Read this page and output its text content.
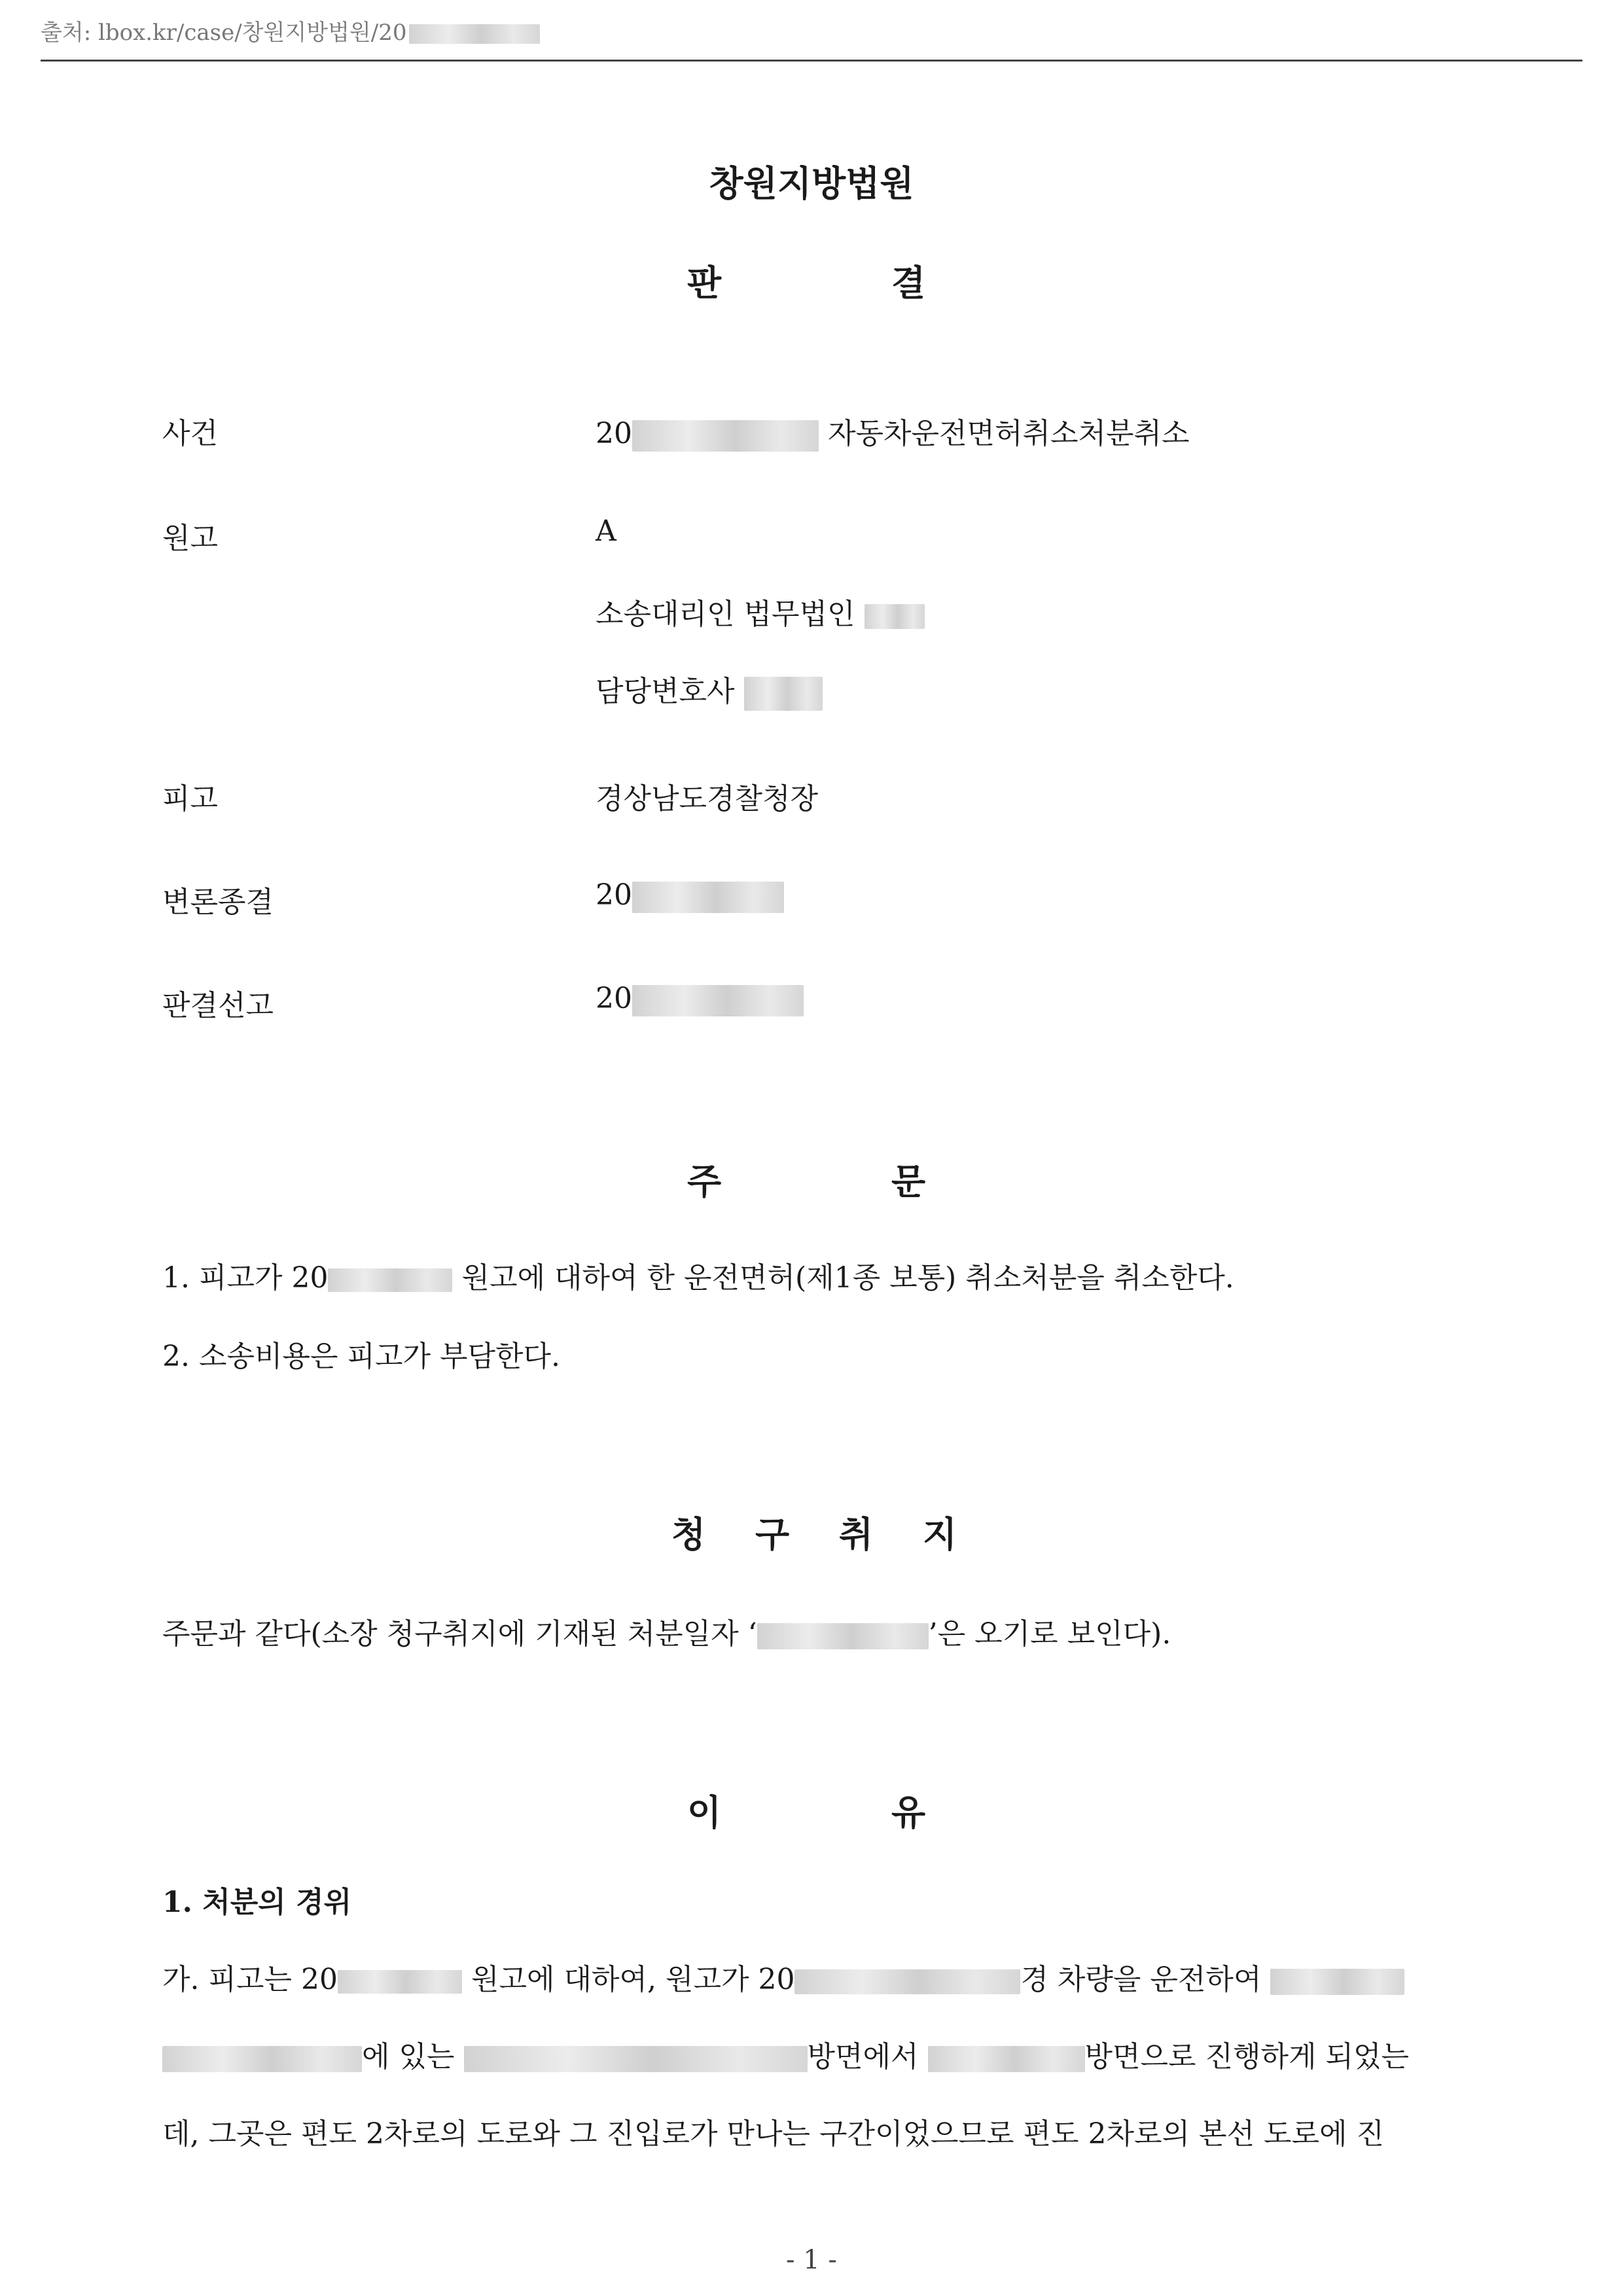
출처: lbox.kr/case/창원지방법원/20
창원지방법원
판	결
사건	20	자동차운전면허취소처분취소
원고	A
소송대리인 법무법인
담당변호사
피고	경상남도경찰청장
변론종결	20
판결선고	20
주	문
1. 피고가 20	원고에 대하여 한 운전면허(제1종 보통) 취소처분을 취소한다.
2. 소송비용은 피고가 부담한다.
청 구 취 지
주문과 같다(소장 청구취지에 기재된 처분일자 ‘	’은 오기로 보인다).
이	유
1. 처분의 경위
가. 피고는 20	원고에 대하여, 원고가 20	경 차량을 운전하여
에 있는	방면에서	방면으로 진행하게 되었는
데, 그곳은 편도 2차로의 도로와 그 진입로가 만나는 구간이었으므로 편도 2차로의 본선 도로에 진
- 1 -
